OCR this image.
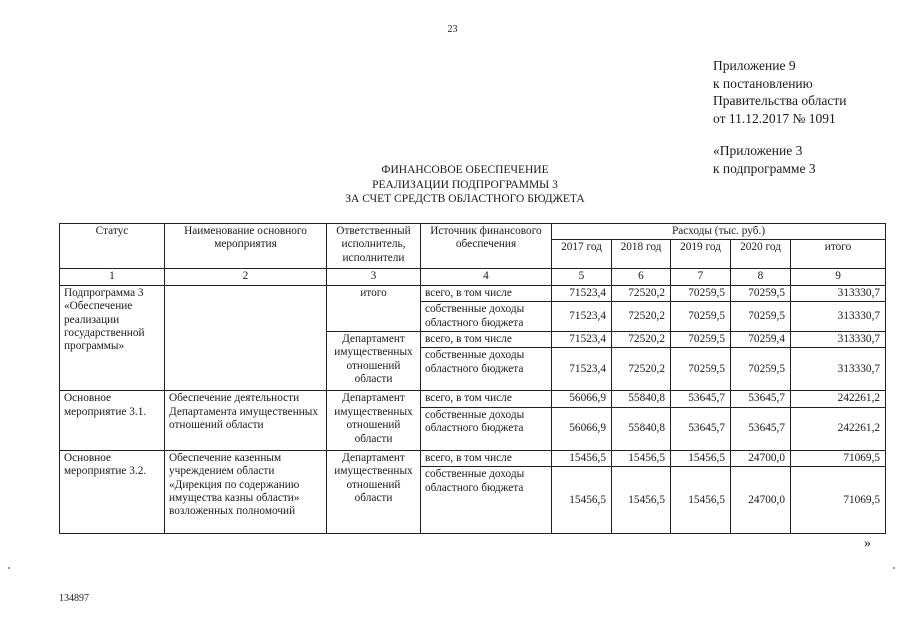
23
Приложение 9
к постановлению
Правительства области
от 11.12.2017 № 1091
«Приложение 3
к подпрограмме 3
ФИНАНСОВОЕ ОБЕСПЕЧЕНИЕ
РЕАЛИЗАЦИИ ПОДПРОГРАММЫ 3
ЗА СЧЕТ СРЕДСТВ ОБЛАСТНОГО БЮДЖЕТА
Статус	Наименование основного мероприятия	Ответственный исполнитель, исполнители	Источник финансового обеспечения	Расходы (тыс. руб.)				
				2017 год	2018 год	2019 год	2020 год	итого
1	2	3	4	5	6	7	8	9
Подпрограмма 3 «Обеспечение реализации государственной программы»		итого	всего, в том числе	71523,4	72520,2	70259,5	70259,5	313330,7
			собственные доходы областного бюджета	71523,4	72520,2	70259,5	70259,5	313330,7
		Департамент имущественных отношений области	всего, в том числе	71523,4	72520,2	70259,5	70259,4	313330,7
			собственные доходы областного бюджета	71523,4	72520,2	70259,5	70259,5	313330,7
Основное мероприятие 3.1.	Обеспечение деятельности Департамента имущественных отношений области	Департамент имущественных отношений области	всего, в том числе	56066,9	55840,8	53645,7	53645,7	242261,2
			собственные доходы областного бюджета	56066,9	55840,8	53645,7	53645,7	242261,2
Основное мероприятие 3.2.	Обеспечение казенным учреждением области «Дирекция по содержанию имущества казны области» возложенных полномочий	Департамент имущественных отношений области	всего, в том числе	15456,5	15456,5	15456,5	24700,0	71069,5
			собственные доходы областного бюджета	15456,5	15456,5	15456,5	24700,0	71069,5
»
134897
